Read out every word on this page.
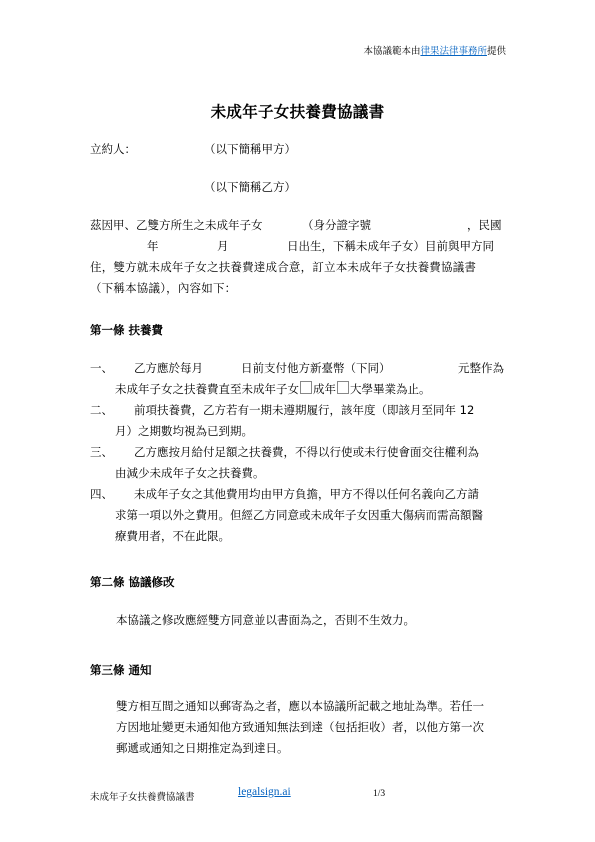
本協議範本由律果法律事務所提供
未成年子女扶養費協議書
立約人：	（以下簡稱甲方）
（以下簡稱乙方）
茲因甲、乙雙方所生之未成年子女	（身分證字號	，民國
年	月	日出生，下稱未成年子女）目前與甲方同
住，雙方就未成年子女之扶養費達成合意，訂立本未成年子女扶養費協議書
（下稱本協議），內容如下：
第一條 扶養費
一、 乙方應於每月	日前支付他方新臺幣（下同）	元整作為
未成年子女之扶養費直至未成年子女 成年 大學畢業為止。
二、 前項扶養費，乙方若有一期未遵期履行，該年度（即該月至同年 12
月）之期數均視為已到期。
三、 乙方應按月給付足額之扶養費，不得以行使或未行使會面交往權利為
由減少未成年子女之扶養費。
四、 未成年子女之其他費用均由甲方負擔，甲方不得以任何名義向乙方請
求第一項以外之費用。但經乙方同意或未成年子女因重大傷病而需高額醫
療費用者，不在此限。
第二條 協議修改
本協議之修改應經雙方同意並以書面為之，否則不生效力。
第三條 通知
雙方相互間之通知以郵寄為之者，應以本協議所記載之地址為準。若任一
方因地址變更未通知他方致通知無法到達（包括拒收）者，以他方第一次
郵遞或通知之日期推定為到達日。
未成年子女扶養費協議書	legalsign.ai	1/3
